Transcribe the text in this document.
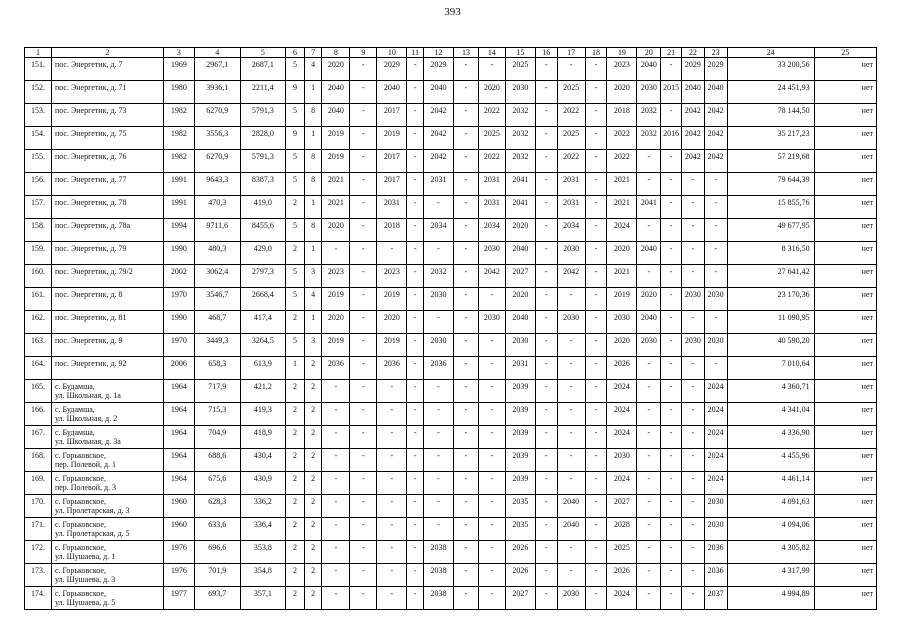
393
1	2	3	4	5	6	7	8	9	10	11	12	13	14	15	16	17	18	19	20	21	22	23	24	25
151.	пос. Энергетик, д. 7	1969	2967,1	2687,1	5	4	2020	-	2029	-	2029	-	-	2025	-	-	-	2023	2040	-	2029	2029	33 200,56	нет
152.	пос. Энергетик, д. 71	1980	3936,1	2211,4	9	1	2040	-	2040	-	2040	-	2020	2030	-	2025	-	2020	2030	2015	2040	2040	24 451,93	нет
153.	пос. Энергетик, д. 73	1982	6270,9	5791,3	5	8	2040	-	2017	-	2042	-	2022	2032	-	2022	-	2018	2032	-	2042	2042	78 144,50	нет
154.	пос. Энергетик, д. 75	1982	3556,3	2828,0	9	1	2019	-	2019	-	2042	-	2025	2032	-	2025	-	2022	2032	2016	2042	2042	35 217,23	нет
155.	пос. Энергетик, д. 76	1982	6270,9	5791,3	5	8	2019	-	2017	-	2042	-	2022	2032	-	2022	-	2022	-	-	2042	2042	57 219,68	нет
156.	пос. Энергетик, д. 77	1991	9643,3	8387,3	5	8	2021	-	2017	-	2031	-	2031	2041	-	2031	-	2021	-	-	-	-	79 644,39	нет
157.	пос. Энергетик, д. 78	1991	470,3	419,0	2	1	2021	-	2031	-	-	-	2031	2041	-	2031	-	2021	2041	-	-	-	15 855,76	нет
158.	пос. Энергетик, д. 78а	1994	9711,6	8455,6	5	8	2020	-	2018	-	2034	-	2034	2020	-	2034	-	2024	-	-	-	-	49 677,95	нет
159.	пос. Энергетик, д. 79	1990	480,3	429,0	2	1	-	-	-	-	-	-	2030	2040	-	2030	-	2020	2040	-	-	-	8 316,50	нет
160.	пос. Энергетик, д. 79/2	2002	3062,4	2797,3	5	3	2023	-	2023	-	2032	-	2042	2027	-	2042	-	2021	-	-	-	-	27 641,42	нет
161.	пос. Энергетик, д. 8	1970	3546,7	2668,4	5	4	2019	-	2019	-	2030	-	-	2020	-	-	-	2019	2020	-	2030	2030	23 170,36	нет
162.	пос. Энергетик, д. 81	1990	468,7	417,4	2	1	2020	-	2020	-	-	-	2030	2040	-	2030	-	2030	2040	-	-	-	11 090,95	нет
163.	пос. Энергетик, д. 9	1970	3449,3	3264,5	5	3	2019	-	2019	-	2030	-	-	2030	-	-	-	2020	2030	-	2030	2030	40 590,20	нет
164.	пос. Энергетик, д. 92	2006	658,3	613,9	1	2	2036	-	2036	-	2036	-	-	2031	-	-	-	2026	-	-	-	-	7 010,64	нет
165.	с. Будамша,
ул. Школьная, д. 1а	1964	717,9	421,2	2	2	-	-	-	-	-	-	-	2039	-	-	-	2024	-	-	-	2024	4 360,71	нет
166.	с. Будамша,
ул. Школьная, д. 2	1964	715,3	419,3	2	2	-	-	-	-	-	-	-	2039	-	-	-	2024	-	-	-	2024	4 341,04	нет
167.	с. Будамша,
ул. Школьная, д. 3а	1964	704,9	418,9	2	2	-	-	-	-	-	-	-	2039	-	-	-	2024	-	-	-	2024	4 336,90	нет
168.	с. Горьковское,
пер. Полевой, д. 1	1964	688,6	430,4	2	2	-	-	-	-	-	-	-	2039	-	-	-	2030	-	-	-	2024	4 455,96	нет
169.	с. Горьковское,
пер. Полевой, д. 3	1964	675,6	430,9	2	2	-	-	-	-	-	-	-	2039	-	-	-	2024	-	-	-	2024	4 461,14	нет
170.	с. Горьковское,
ул. Пролетарская, д. 3	1960	628,3	336,2	2	2	-	-	-	-	-	-	-	2035	-	2040	-	2027	-	-	-	2030	4 091,63	нет
171.	с. Горьковское,
ул. Пролетарская, д. 5	1960	633,6	336,4	2	2	-	-	-	-	-	-	-	2035	-	2040	-	2028	-	-	-	2030	4 094,06	нет
172.	с. Горьковское,
ул. Шушаева, д. 1	1976	696,6	353,8	2	2	-	-	-	-	2038	-	-	2026	-	-	-	2025	-	-	-	2036	4 305,82	нет
173.	с. Горьковское,
ул. Шушаева, д. 3	1976	701,9	354,8	2	2	-	-	-	-	2038	-	-	2026	-	-	-	2026	-	-	-	2036	4 317,99	нет
174.	с. Горьковское,
ул. Шушаева, д. 5	1977	693,7	357,1	2	2	-	-	-	-	2038	-	-	2027	-	2030	-	2024	-	-	-	2037	4 994,89	нет
